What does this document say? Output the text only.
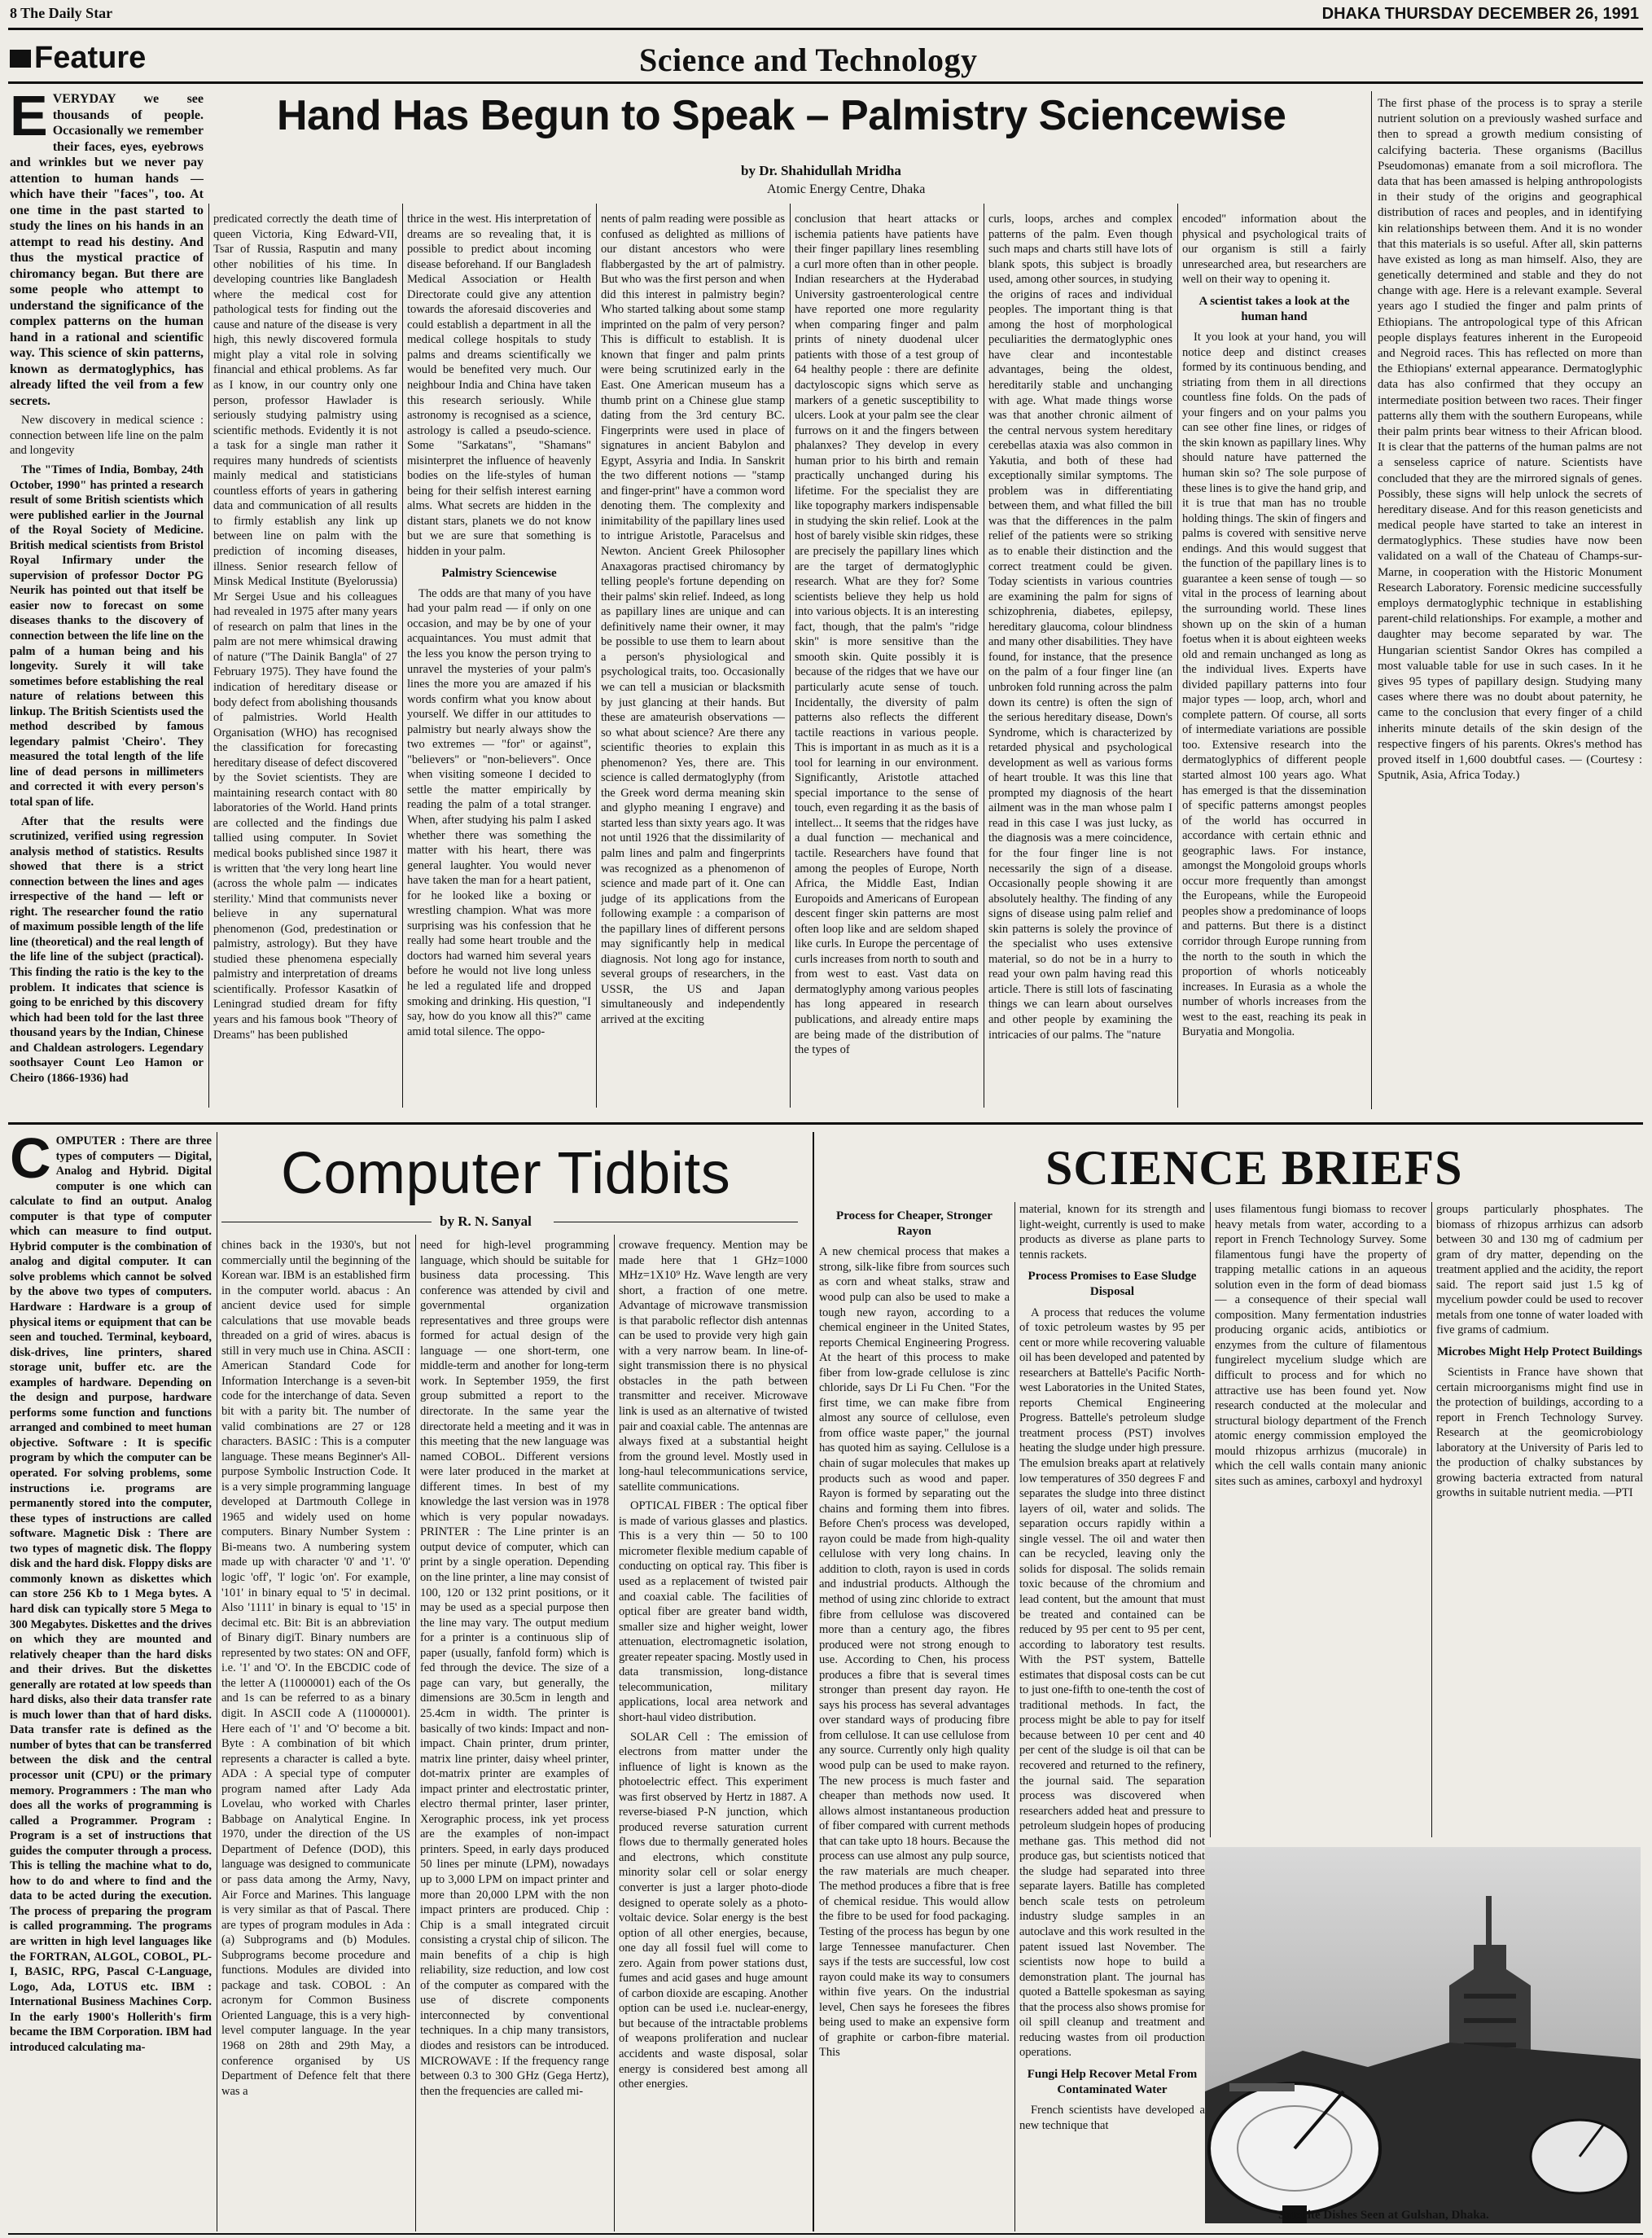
8 The Daily Star	DHAKA THURSDAY DECEMBER 26, 1991
Feature	Science and Technology
Hand Has Begun to Speak – Palmistry Sciencewise
by Dr. Shahidullah Mridha
Atomic Energy Centre, Dhaka

EVERYDAY we see thousands of people. Occasionally we remember their faces, eyes, eyebrows and wrinkles but we never pay attention to human hands — which have their "faces", too. At one time in the past started to study the lines on his hands in an attempt to read his destiny. And thus the mystical practice of chiromancy began. But there are some people who attempt to understand the significance of the complex patterns on the human hand in a rational and scientific way. This science of skin patterns, known as dermatoglyphics, has already lifted the veil from a few secrets.

New discovery in medical science : connection between life line on the palm and longevity

The "Times of India, Bombay, 24th October, 1990" has printed a research result of some British scientists which were published earlier in the Journal of the Royal Society of Medicine. British medical scientists from Bristol Royal Infirmary under the supervision of professor Doctor PG Neurik has pointed out that itself be easier now to forecast on some diseases thanks to the discovery of connection between the life line on the palm of a human being and his longevity. Surely it will take sometimes before establishing the real nature of relations between this linkup. The British Scientists used the method described by famous legendary palmist 'Cheiro'. They measured the total length of the life line of dead persons in millimeters and corrected it with every person's total span of life.

After that the results were scrutinized, verified using regression analysis method of statistics. Results showed that there is a strict connection between the lines and ages irrespective of the hand — left or right. The researcher found the ratio of maximum possible length of the life line (theoretical) and the real length of the life line of the subject (practical). This finding the ratio is the key to the problem. It indicates that science is going to be enriched by this discovery which had been told for the last three thousand years by the Indian, Chinese and Chaldean astrologers. Legendary soothsayer Count Leo Hamon or Cheiro (1866-1936) had

predicated correctly the death time of queen Victoria, King Edward-VII, Tsar of Russia, Rasputin and many other nobilities of his time. In developing countries like Bangladesh where the medical cost for pathological tests for finding out the cause and nature of the disease is very high, this newly discovered formula might play a vital role in solving financial and ethical problems. As far as I know, in our country only one person, professor Hawlader is seriously studying palmistry using scientific methods. Evidently it is not a task for a single man rather it requires many hundreds of scientists mainly medical and statisticians countless efforts of years in gathering data and communication of all results to firmly establish any link up between line on palm with the prediction of incoming diseases, illness. Senior research fellow of Minsk Medical Institute (Byelorussia) Mr Sergei Usue and his colleagues had revealed in 1975 after many years of research on palm that lines in the palm are not mere whimsical drawing of nature ("The Dainik Bangla" of 27 February 1975). They have found the indication of hereditary disease or body defect from abolishing thousands of palmistries. World Health Organisation (WHO) has recognised the classification for forecasting hereditary disease of defect discovered by the Soviet scientists. They are maintaining research contact with 80 laboratories of the World. Hand prints are collected and the findings due tallied using computer. In Soviet medical books published since 1987 it is written that 'the very long heart line (across the whole palm — indicates sterility.' Mind that communists never believe in any supernatural phenomenon (God, predestination or palmistry, astrology). But they have studied these phenomena especially palmistry and interpretation of dreams scientifically. Professor Kasatkin of Leningrad studied dream for fifty years and his famous book "Theory of Dreams" has been published

thrice in the west. His interpretation of dreams are so revealing that, it is possible to predict about incoming disease beforehand. If our Bangladesh Medical Association or Health Directorate could give any attention towards the aforesaid discoveries and could establish a department in all the medical college hospitals to study palms and dreams scientifically we would be benefited very much. Our neighbour India and China have taken this research seriously. While astronomy is recognised as a science, astrology is called a pseudo-science. Some "Sarkatans", "Shamans" misinterpret the influence of heavenly bodies on the life-styles of human being for their selfish interest earning alms. What secrets are hidden in the distant stars, planets we do not know but we are sure that something is hidden in your palm.

Palmistry Sciencewise

The odds are that many of you have had your palm read — if only on one occasion, and may be by one of your acquaintances. You must admit that the less you know the person trying to unravel the mysteries of your palm's lines the more you are amazed if his words confirm what you know about yourself. We differ in our attitudes to palmistry but nearly always show the two extremes — "for" or against", "believers" or "non-believers". Once when visiting someone I decided to settle the matter empirically by reading the palm of a total stranger. When, after studying his palm I asked whether there was something the matter with his heart, there was general laughter. You would never have taken the man for a heart patient, for he looked like a boxing or wrestling champion. What was more surprising was his confession that he really had some heart trouble and the doctors had warned him several years before he would not live long unless he led a regulated life and dropped smoking and drinking. His question, "I say, how do you know all this?" came amid total silence. The oppo-

nents of palm reading were possible as confused as delighted as millions of our distant ancestors who were flabbergasted by the art of palmistry. But who was the first person and when did this interest in palmistry begin? Who started talking about some stamp imprinted on the palm of very person? This is difficult to establish. It is known that finger and palm prints were being scrutinized early in the East. One American museum has a thumb print on a Chinese glue stamp dating from the 3rd century BC. Fingerprints were used in place of signatures in ancient Babylon and Egypt, Assyria and India. In Sanskrit the two different notions — "stamp and finger-print" have a common word denoting them. The complexity and inimitability of the papillary lines used to intrigue Aristotle, Paracelsus and Newton. Ancient Greek Philosopher Anaxagoras practised chiromancy by telling people's fortune depending on their palms' skin relief. Indeed, as long as papillary lines are unique and can definitively name their owner, it may be possible to use them to learn about a person's physiological and psychological traits, too. Occasionally we can tell a musician or blacksmith by just glancing at their hands. But these are amateurish observations — so what about science? Are there any scientific theories to explain this phenomenon? Yes, there are. This science is called dermatoglyphy (from the Greek word derma meaning skin and glypho meaning I engrave) and started less than sixty years ago. It was not until 1926 that the dissimilarity of palm lines and palm and fingerprints was recognized as a phenomenon of science and made part of it. One can judge of its applications from the following example : a comparison of the papillary lines of different persons may significantly help in medical diagnosis. Not long ago for instance, several groups of researchers, in the USSR, the US and Japan simultaneously and independently arrived at the exciting

conclusion that heart attacks or ischemia patients have patients have their finger papillary lines resembling a curl more often than in other people. Indian researchers at the Hyderabad University gastroenterological centre have reported one more regularity when comparing finger and palm prints of ninety duodenal ulcer patients with those of a test group of 64 healthy people : there are definite dactyloscopic signs which serve as markers of a genetic susceptibility to ulcers. Look at your palm see the clear furrows on it and the fingers between phalanxes? They develop in every human prior to his birth and remain practically unchanged during his lifetime. For the specialist they are like topography markers indispensable in studying the skin relief. Look at the host of barely visible skin ridges, these are precisely the papillary lines which are the target of dermatoglyphic research. What are they for? Some scientists believe they help us hold into various objects. It is an interesting fact, though, that the palm's "ridge skin" is more sensitive than the smooth skin. Quite possibly it is because of the ridges that we have our particularly acute sense of touch. Incidentally, the diversity of palm patterns also reflects the different tactile reactions in various people. This is important in as much as it is a tool for learning in our environment. Significantly, Aristotle attached special importance to the sense of touch, even regarding it as the basis of intellect... It seems that the ridges have a dual function — mechanical and tactile. Researchers have found that among the peoples of Europe, North Africa, the Middle East, Indian Europoids and Americans of European descent finger skin patterns are most often loop like and are seldom shaped like curls. In Europe the percentage of curls increases from north to south and from west to east. Vast data on dermatoglyphy among various peoples has long appeared in research publications, and already entire maps are being made of the distribution of the types of

curls, loops, arches and complex patterns of the palm. Even though such maps and charts still have lots of blank spots, this subject is broadly used, among other sources, in studying the origins of races and individual peoples. The important thing is that among the host of morphological peculiarities the dermatoglyphic ones have clear and incontestable advantages, being the oldest, hereditarily stable and unchanging with age. What made things worse was that another chronic ailment of the central nervous system hereditary cerebellas ataxia was also common in Yakutia, and both of these had exceptionally similar symptoms. The problem was in differentiating between them, and what filled the bill was that the differences in the palm relief of the patients were so striking as to enable their distinction and the correct treatment could be given. Today scientists in various countries are examining the palm for signs of schizophrenia, diabetes, epilepsy, hereditary glaucoma, colour blindness and many other disabilities. They have found, for instance, that the presence on the palm of a four finger line (an unbroken fold running across the palm down its centre) is often the sign of the serious hereditary disease, Down's Syndrome, which is characterized by retarded physical and psychological development as well as various forms of heart trouble. It was this line that prompted my diagnosis of the heart ailment was in the man whose palm I read in this case I was just lucky, as the diagnosis was a mere coincidence, for the four finger line is not necessarily the sign of a disease. Occasionally people showing it are absolutely healthy. The finding of any signs of disease using palm relief and skin patterns is solely the province of the specialist who uses extensive material, so do not be in a hurry to read your own palm having read this article. There is still lots of fascinating things we can learn about ourselves and other people by examining the intricacies of our palms. The "nature

encoded" information about the physical and psychological traits of our organism is still a fairly unresearched area, but researchers are well on their way to opening it.

A scientist takes a look at the human hand

It you look at your hand, you will notice deep and distinct creases formed by its continuous bending, and striating from them in all directions countless fine folds. On the pads of your fingers and on your palms you can see other fine lines, or ridges of the skin known as papillary lines. Why should nature have patterned the human skin so? The sole purpose of these lines is to give the hand grip, and it is true that man has no trouble holding things. The skin of fingers and palms is covered with sensitive nerve endings. And this would suggest that the function of the papillary lines is to guarantee a keen sense of tough — so vital in the process of learning about the surrounding world. These lines shown up on the skin of a human foetus when it is about eighteen weeks old and remain unchanged as long as the individual lives. Experts have divided papillary patterns into four major types — loop, arch, whorl and complete pattern. Of course, all sorts of intermediate variations are possible too. Extensive research into the dermatoglyphics of different people started almost 100 years ago. What has emerged is that the dissemination of specific patterns amongst peoples of the world has occurred in accordance with certain ethnic and geographic laws. For instance, amongst the Mongoloid groups whorls occur more frequently than amongst the Europeans, while the Europeoid peoples show a predominance of loops and patterns. But there is a distinct corridor through Europe running from the north to the south in which the proportion of whorls noticeably increases. In Eurasia as a whole the number of whorls increases from the west to the east, reaching its peak in Buryatia and Mongolia.

The first phase of the process is to spray a sterile nutrient solution on a previously washed surface and then to spread a growth medium consisting of calcifying bacteria. These organisms (Bacillus Pseudomonas) emanate from a soil microflora. The data that has been amassed is helping anthropologists in their study of the origins and geographical distribution of races and peoples, and in identifying kin relationships between them. And it is no wonder that this materials is so useful. After all, skin patterns have existed as long as man himself. Also, they are genetically determined and stable and they do not change with age. Here is a relevant example. Several years ago I studied the finger and palm prints of Ethiopians. The antropological type of this African people displays features inherent in the Europeoid and Negroid races. This has reflected on more than the Ethiopians' external appearance. Dermatoglyphic data has also confirmed that they occupy an intermediate position between two races. Their finger patterns ally them with the southern Europeans, while their palm prints bear witness to their African blood. It is clear that the patterns of the human palms are not a senseless caprice of nature. Scientists have concluded that they are the mirrored signals of genes. Possibly, these signs will help unlock the secrets of hereditary disease. And for this reason geneticists and medical people have started to take an interest in dermatoglyphics. These studies have now been validated on a wall of the Chateau of Champs-sur-Marne, in cooperation with the Historic Monument Research Laboratory. Forensic medicine successfully employs dermatoglyphic technique in establishing parent-child relationships. For example, a mother and daughter may become separated by war. The Hungarian scientist Sandor Okres has compiled a most valuable table for use in such cases. In it he gives 95 types of papillary design. Studying many cases where there was no doubt about paternity, he came to the conclusion that every finger of a child inherits minute details of the skin design of the respective fingers of his parents. Okres's method has proved itself in 1,600 doubtful cases. — (Courtesy : Sputnik, Asia, Africa Today.)

COMPUTER : There are three types of computers — Digital, Analog and Hybrid. Digital computer is one which can calculate to find an output. Analog computer is that type of computer which can measure to find output. Hybrid computer is the combination of analog and digital computer. It can solve problems which cannot be solved by the above two types of computers. Hardware : Hardware is a group of physical items or equipment that can be seen and touched. Terminal, keyboard, disk-drives, line printers, shared storage unit, buffer etc. are the examples of hardware. Depending on the design and purpose, hardware performs some function and functions arranged and combined to meet human objective. Software : It is specific program by which the computer can be operated. For solving problems, some instructions i.e. programs are permanently stored into the computer, these types of instructions are called software. Magnetic Disk : There are two types of magnetic disk. The floppy disk and the hard disk. Floppy disks are commonly known as diskettes which can store 256 Kb to 1 Mega bytes. A hard disk can typically store 5 Mega to 300 Megabytes. Diskettes and the drives on which they are mounted and relatively cheaper than the hard disks and their drives. But the diskettes generally are rotated at low speeds than hard disks, also their data transfer rate is much lower than that of hard disks. Data transfer rate is defined as the number of bytes that can be transferred between the disk and the central processor unit (CPU) or the primary memory. Programmers : The man who does all the works of programming is called a Programmer. Program : Program is a set of instructions that guides the computer through a process. This is telling the machine what to do, how to do and where to find and the data to be acted during the execution. The process of preparing the program is called programming. The programs are written in high level languages like the FORTRAN, ALGOL, COBOL, PL-I, BASIC, RPG, Pascal C-Language, Logo, Ada, LOTUS etc. IBM : International Business Machines Corp. In the early 1900's Hollerith's firm became the IBM Corporation. IBM had introduced calculating ma-

Computer Tidbits
by R. N. Sanyal

chines back in the 1930's, but not commercially until the beginning of the Korean war. IBM is an established firm in the computer world. abacus : An ancient device used for simple calculations that use movable beads threaded on a grid of wires. abacus is still in very much use in China. ASCII : American Standard Code for Information Interchange is a seven-bit code for the interchange of data. Seven bit with a parity bit. The number of valid combinations are 27 or 128 characters. BASIC : This is a computer language. These means Beginner's All-purpose Symbolic Instruction Code. It is a very simple programming language developed at Dartmouth College in 1965 and widely used on home computers. Binary Number System : Bi-means two. A numbering system made up with character '0' and '1'. '0' logic 'off', 'l' logic 'on'. For example, '101' in binary equal to '5' in decimal. Also '1111' in binary is equal to '15' in decimal etc. Bit: Bit is an abbreviation of Binary digiT. Binary numbers are represented by two states: ON and OFF, i.e. '1' and 'O'. In the EBCDIC code of the letter A (11000001) each of the Os and 1s can be referred to as a binary digit. In ASCII code A (11000001). Here each of '1' and 'O' become a bit. Byte : A combination of bit which represents a character is called a byte. ADA : A special type of computer program named after Lady Ada Lovelau, who worked with Charles Babbage on Analytical Engine. In 1970, under the direction of the US Department of Defence (DOD), this language was designed to communicate or pass data among the Army, Navy, Air Force and Marines. This language is very similar as that of Pascal. There are types of program modules in Ada : (a) Subprograms and (b) Modules. Subprograms become procedure and functions. Modules are divided into package and task. COBOL : An acronym for Common Business Oriented Language, this is a very high-level computer language. In the year 1968 on 28th and 29th May, a conference organised by US Department of Defence felt that there was a

need for high-level programming language, which should be suitable for business data processing. This conference was attended by civil and governmental organization representatives and three groups were formed for actual design of the language — one short-term, one middle-term and another for long-term work. In September 1959, the first group submitted a report to the directorate. In the same year the directorate held a meeting and it was in this meeting that the new language was named COBOL. Different versions were later produced in the market at different times. In best of my knowledge the last version was in 1978 which is very popular nowadays. PRINTER : The Line printer is an output device of computer, which can print by a single operation. Depending on the line printer, a line may consist of 100, 120 or 132 print positions, or it may be used as a special purpose then the line may vary. The output medium for a printer is a continuous slip of paper (usually, fanfold form) which is fed through the device. The size of a page can vary, but generally, the dimensions are 30.5cm in length and 25.4cm in width. The printer is basically of two kinds: Impact and non-impact. Chain printer, drum printer, matrix line printer, daisy wheel printer, dot-matrix printer are examples of impact printer and electrostatic printer, electro thermal printer, laser printer, Xerographic process, ink yet process are the examples of non-impact printers. Speed, in early days produced 50 lines per minute (LPM), nowadays up to 3,000 LPM on impact printer and more than 20,000 LPM with the non impact printers are produced. Chip : Chip is a small integrated circuit consisting a crystal chip of silicon. The main benefits of a chip is high reliability, size reduction, and low cost of the computer as compared with the use of discrete components interconnected by conventional techniques. In a chip many transistors, diodes and resistors can be introduced. MICROWAVE : If the frequency range between 0.3 to 300 GHz (Gega Hertz), then the frequencies are called mi-

crowave frequency. Mention may be made here that 1 GHz=1000 MHz=1X10⁹ Hz. Wave length are very short, a fraction of one metre. Advantage of microwave transmission is that parabolic reflector dish antennas can be used to provide very high gain with a very narrow beam. In line-of-sight transmission there is no physical obstacles in the path between transmitter and receiver. Microwave link is used as an alternative of twisted pair and coaxial cable. The antennas are always fixed at a substantial height from the ground level. Mostly used in long-haul telecommunications service, satellite communications.

OPTICAL FIBER : The optical fiber is made of various glasses and plastics. This is a very thin — 50 to 100 micrometer flexible medium capable of conducting on optical ray. This fiber is used as a replacement of twisted pair and coaxial cable. The facilities of optical fiber are greater band width, smaller size and higher weight, lower attenuation, electromagnetic isolation, greater repeater spacing. Mostly used in data transmission, long-distance telecommunication, military applications, local area network and short-haul video distribution.

SOLAR Cell : The emission of electrons from matter under the influence of light is known as the photoelectric effect. This experiment was first observed by Hertz in 1887. A reverse-biased P-N junction, which produced reverse saturation current flows due to thermally generated holes and electrons, which constitute minority solar cell or solar energy converter is just a larger photo-diode designed to operate solely as a photo-voltaic device. Solar energy is the best option of all other energies, because, one day all fossil fuel will come to zero. Again from power stations dust, fumes and acid gases and huge amount of carbon dioxide are escaping. Another option can be used i.e. nuclear-energy, but because of the intractable problems of weapons proliferation and nuclear accidents and waste disposal, solar energy is considered best among all other energies.

SCIENCE BRIEFS
Process for Cheaper, Stronger Rayon

A new chemical process that makes a strong, silk-like fibre from sources such as corn and wheat stalks, straw and wood pulp can also be used to make a tough new rayon, according to a chemical engineer in the United States, reports Chemical Engineering Progress. At the heart of this process to make fiber from low-grade cellulose is zinc chloride, says Dr Li Fu Chen. "For the first time, we can make fibre from almost any source of cellulose, even from office waste paper," the journal has quoted him as saying. Cellulose is a chain of sugar molecules that makes up products such as wood and paper. Rayon is formed by separating out the chains and forming them into fibres. Before Chen's process was developed, rayon could be made from high-quality cellulose with very long chains. In addition to cloth, rayon is used in cords and industrial products. Although the method of using zinc chloride to extract fibre from cellulose was discovered more than a century ago, the fibres produced were not strong enough to use. According to Chen, his process produces a fibre that is several times stronger than present day rayon. He says his process has several advantages over standard ways of producing fibre from cellulose. It can use cellulose from any source. Currently only high quality wood pulp can be used to make rayon. The new process is much faster and cheaper than methods now used. It allows almost instantaneous production of fiber compared with current methods that can take upto 18 hours. Because the process can use almost any pulp source, the raw materials are much cheaper. The method produces a fibre that is free of chemical residue. This would allow the fibre to be used for food packaging. Testing of the process has begun by one large Tennessee manufacturer. Chen says if the tests are successful, low cost rayon could make its way to consumers within five years. On the industrial level, Chen says he foresees the fibres being used to make an expensive form of graphite or carbon-fibre material. This

material, known for its strength and light-weight, currently is used to make products as diverse as plane parts to tennis rackets.

Process Promises to Ease Sludge Disposal

A process that reduces the volume of toxic petroleum wastes by 95 per cent or more while recovering valuable oil has been developed and patented by researchers at Battelle's Pacific North-west Laboratories in the United States, reports Chemical Engineering Progress. Battelle's petroleum sludge treatment process (PST) involves heating the sludge under high pressure. The emulsion breaks apart at relatively low temperatures of 350 degrees F and separates the sludge into three distinct layers of oil, water and solids. The separation occurs rapidly within a single vessel. The oil and water then can be recycled, leaving only the solids for disposal. The solids remain toxic because of the chromium and lead content, but the amount that must be treated and contained can be reduced by 95 per cent to 95 per cent, according to laboratory test results. With the PST system, Battelle estimates that disposal costs can be cut to just one-fifth to one-tenth the cost of traditional methods. In fact, the process might be able to pay for itself because between 10 per cent and 40 per cent of the sludge is oil that can be recovered and returned to the refinery, the journal said. The separation process was discovered when researchers added heat and pressure to petroleum sludgein hopes of producing methane gas. This method did not produce gas, but scientists noticed that the sludge had separated into three separate layers. Batille has completed bench scale tests on petroleum industry sludge samples in an autoclave and this work resulted in the patent issued last November. The scientists now hope to build a demonstration plant. The journal has quoted a Battelle spokesman as saying that the process also shows promise for oil spill cleanup and treatment and reducing wastes from oil production operations.

Fungi Help Recover Metal From Contaminated Water

French scientists have developed a new technique that

uses filamentous fungi biomass to recover heavy metals from water, according to a report in French Technology Survey. Some filamentous fungi have the property of trapping metallic cations in an aqueous solution even in the form of dead biomass — a consequence of their special wall composition. Many fermentation industries producing organic acids, antibiotics or enzymes from the culture of filamentous fungirelect mycelium sludge which are difficult to process and for which no attractive use has been found yet. Now research conducted at the molecular and structural biology department of the French atomic energy commission employed the mould rhizopus arrhizus (mucorale) in which the cell walls contain many anionic sites such as amines, carboxyl and hydroxyl

groups particularly phosphates. The biomass of rhizopus arrhizus can adsorb between 30 and 130 mg of cadmium per gram of dry matter, depending on the treatment applied and the acidity, the report said. The report said just 1.5 kg of mycelium powder could be used to recover metals from one tonne of water loaded with five grams of cadmium.

Microbes Might Help Protect Buildings

Scientists in France have shown that certain microorganisms might find use in the protection of buildings, according to a report in French Technology Survey. Research at the geomicrobiology laboratory at the University of Paris led to the production of chalky substances by growing bacteria extracted from natural growths in suitable nutrient media. —PTI

Satellite Dishes Seen at Gulshan, Dhaka.
